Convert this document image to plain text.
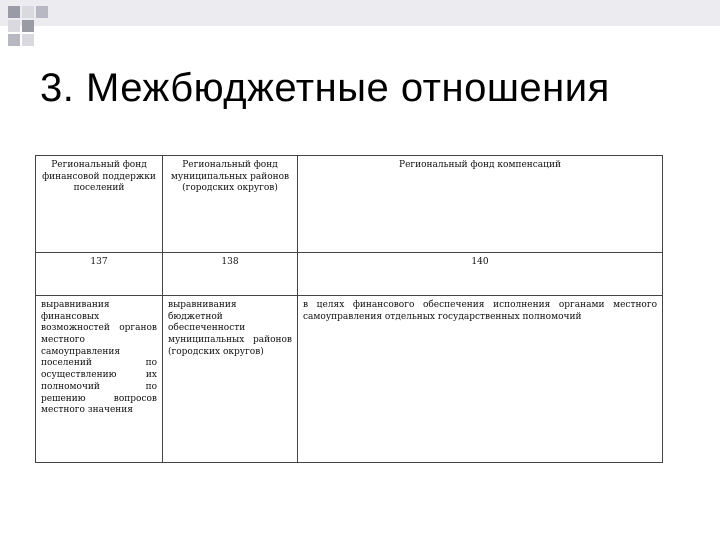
3. Межбюджетные отношения
Региональный фонд финансовой поддержки поселений	Региональный фонд муниципальных районов (городских округов)	Региональный фонд компенсаций
137	138	140
выравнивания финансовых возможностей органов местного самоуправления поселений по осуществлению их полномочий по решению вопросов местного значения	выравнивания бюджетной обеспеченности муниципальных районов (городских округов)	в целях финансового обеспечения исполнения органами местного самоуправления отдельных государственных полномочий
